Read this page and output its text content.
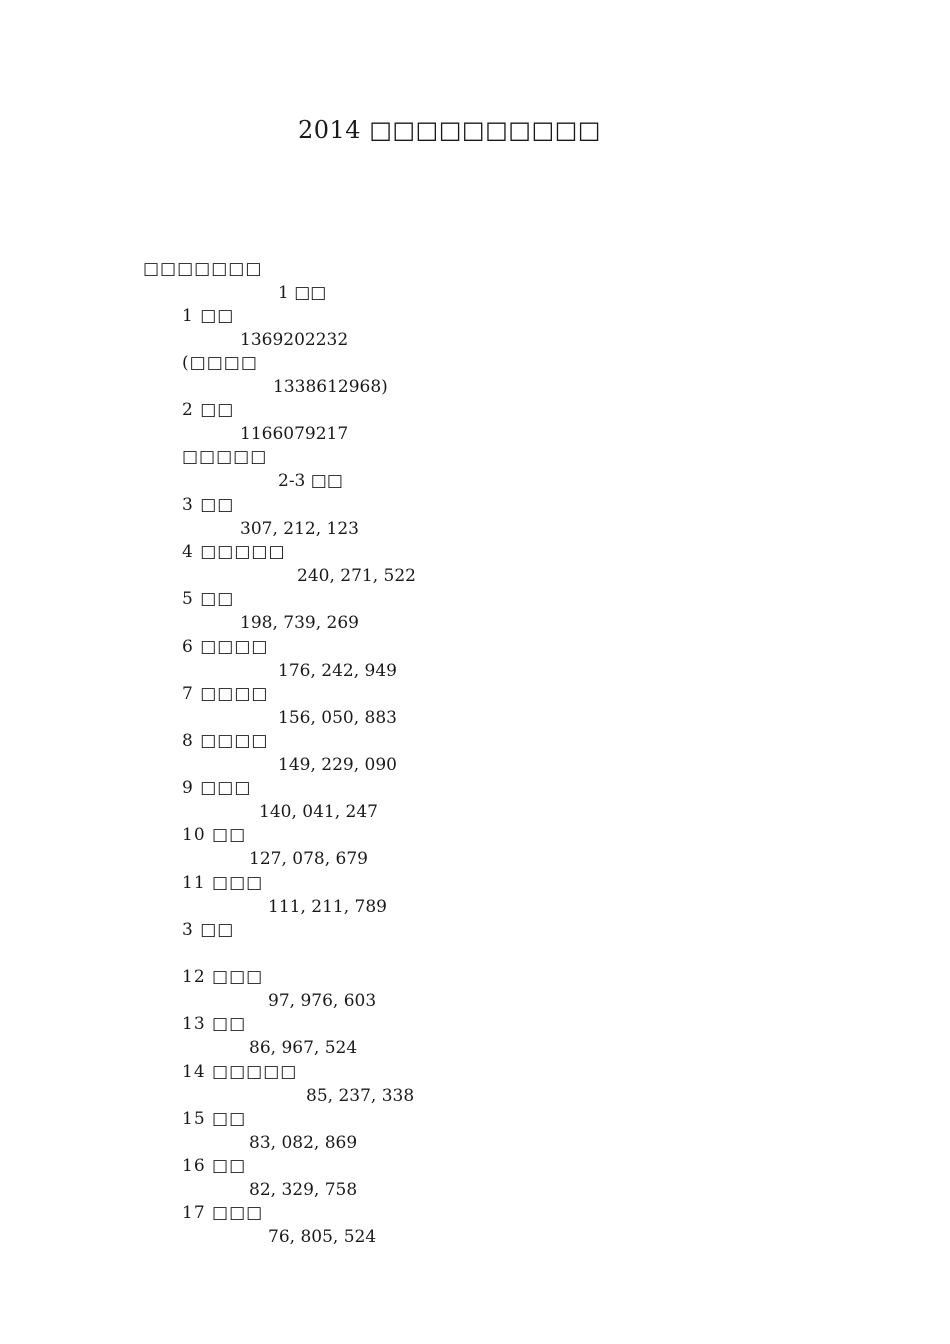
2014 □□□□□□□□□□

□□□□□□□

1 □□

1 □□

1369202232

(□□□□

1338612968)

2 □□

1166079217

□□□□□

2-3 □□

3 □□

307, 212, 123

4 □□□□□

240, 271, 522

5 □□

198, 739, 269

6 □□□□

176, 242, 949

7 □□□□

156, 050, 883

8 □□□□

149, 229, 090

9 □□□

140, 041, 247

10 □□

127, 078, 679

11 □□□

111, 211, 789

3 □□

12 □□□

97, 976, 603

13 □□

86, 967, 524

14 □□□□□

85, 237, 338

15 □□

83, 082, 869

16 □□

82, 329, 758

17 □□□

76, 805, 524
